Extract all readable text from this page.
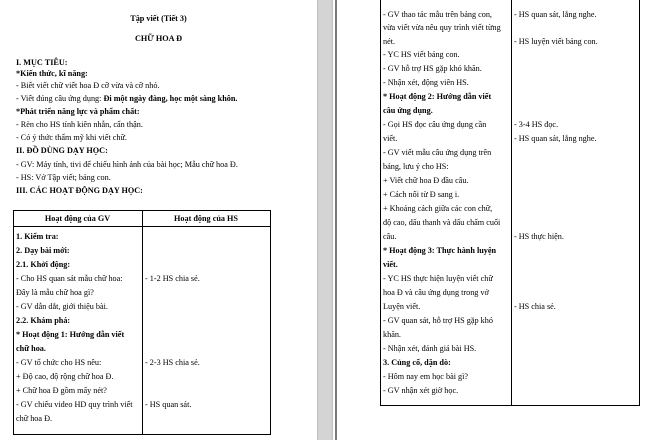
Tập viết (Tiết 3)
CHỮ HOA Đ
I. MỤC TIÊU:
*Kiến thức, kĩ năng:
- Biết viết chữ viết hoa Đ cỡ vừa và cỡ nhỏ.
- Viết đúng câu ứng dụng: Đi một ngày đàng, học một sàng khôn.
*Phát triển năng lực và phẩm chất:
- Rèn cho HS tính kiên nhẫn, cẩn thận.
- Có ý thức thẩm mỹ khi viết chữ.
II. ĐỒ DÙNG DẠY HỌC:
- GV: Máy tính, tivi để chiếu hình ảnh của bài học; Mẫu chữ hoa Đ.
- HS: Vở Tập viết; bảng con.
III. CÁC HOẠT ĐỘNG DẠY HỌC:
Hoạt động của GV	Hoạt động của HS
1. Kiểm tra:
2. Dạy bài mới:
2.1. Khởi động:
- Cho HS quan sát mẫu chữ hoa:
Đây là mẫu chữ hoa gì?
- GV dẫn dắt, giới thiệu bài.
2.2. Khám phá:
* Hoạt động 1: Hướng dẫn viết
chữ hoa.
- GV tổ chức cho HS nêu:
+ Độ cao, độ rộng chữ hoa Đ.
+ Chữ hoa Đ gồm mấy nét?
- GV chiếu video HD quy trình viết
chữ hoa Đ.
- 1-2 HS chia sẻ.
- 2-3 HS chia sẻ.
- HS quan sát.
- GV thao tác mẫu trên bảng con,
vừa viết vừa nêu quy trình viết từng
nét.
- YC HS viết bảng con.
- GV hỗ trợ HS gặp khó khăn.
- Nhận xét, động viên HS.
* Hoạt động 2: Hướng dẫn viết
câu ứng dụng.
- Gọi HS đọc câu ứng dụng cần
viết.
- GV viết mẫu câu ứng dụng trên
bảng, lưu ý cho HS:
+ Viết chữ hoa Đ đầu câu.
+ Cách nối từ Đ sang i.
+ Khoảng cách giữa các con chữ,
độ cao, dấu thanh và dấu chấm cuối
câu.
* Hoạt động 3: Thực hành luyện
viết.
- YC HS thực hiện luyện viết chữ
hoa Đ và câu ứng dụng trong vở
Luyện viết.
- GV quan sát, hỗ trợ HS gặp khó
khăn.
- Nhận xét, đánh giá bài HS.
3. Củng cố, dặn dò:
- Hôm nay em học bài gì?
- GV nhận xét giờ học.
- HS quan sát, lắng nghe.
- HS luyện viết bảng con.
- 3-4 HS đọc.
- HS quan sát, lắng nghe.
- HS thực hiện.
- HS chia sẻ.
